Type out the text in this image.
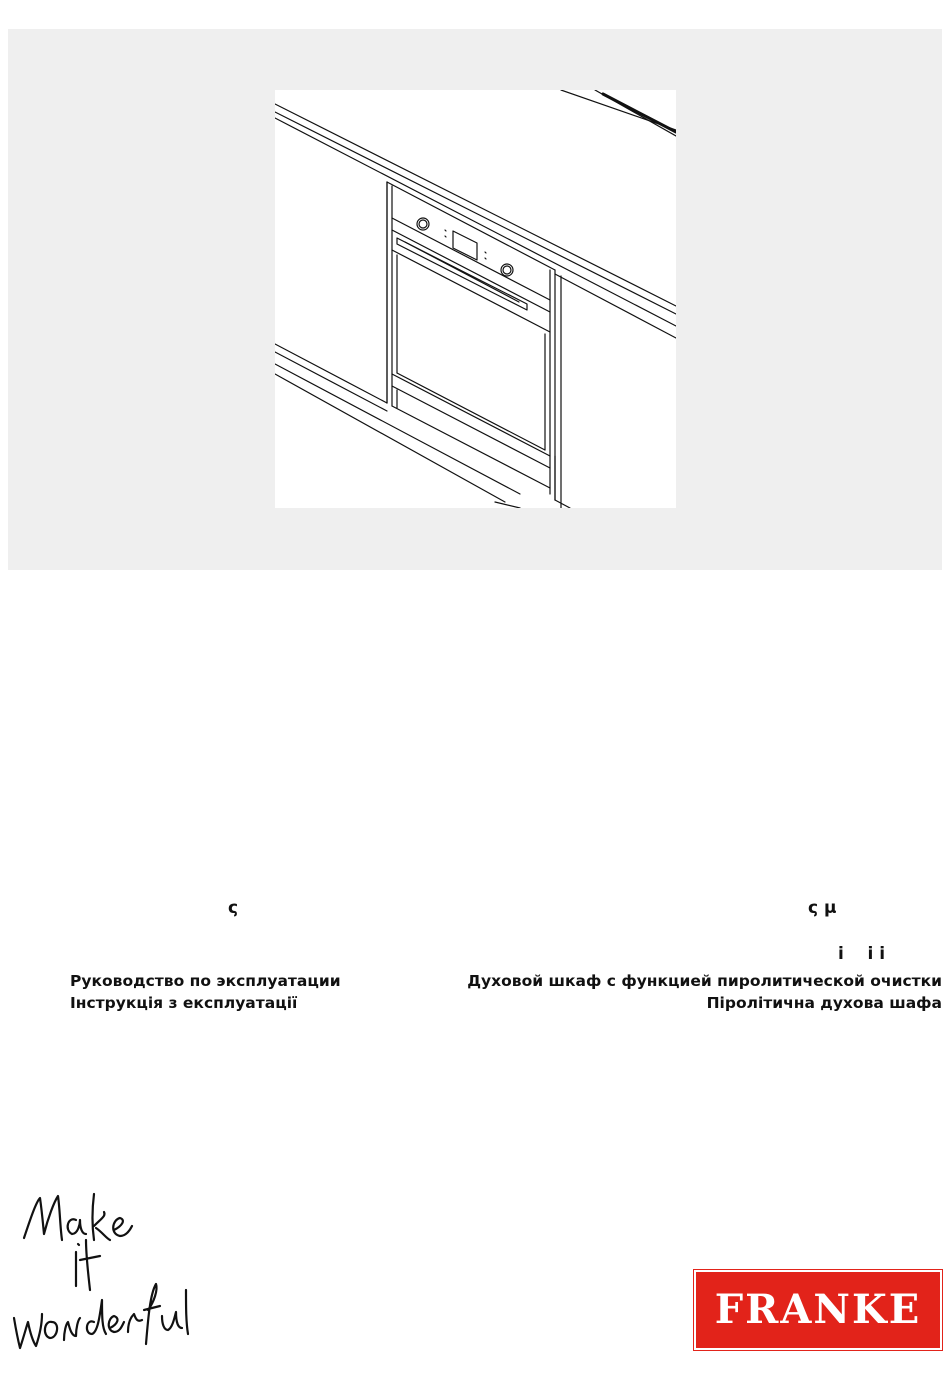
ς	ς μ
i    i i
Руководство по эксплуатации
Інструкція з експлуатації
Духовой шкаф с функцией пиролитической очистки
Піролітична духова шафа
Make it wonderful
FRANKE
